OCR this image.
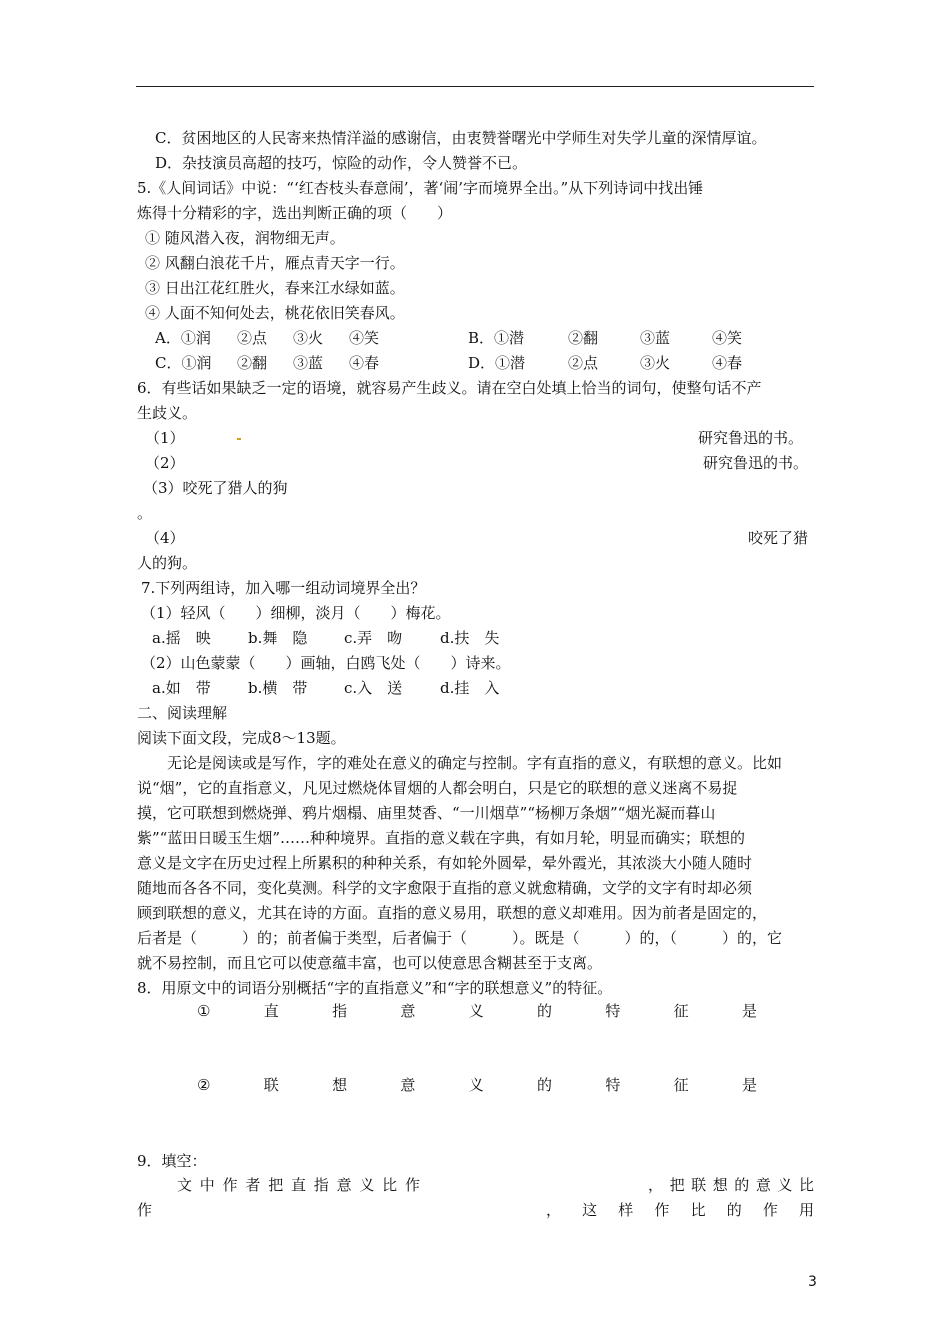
C．贫困地区的人民寄来热情洋溢的感谢信，由衷赞誉曙光中学师生对失学儿童的深情厚谊。
D．杂技演员高超的技巧，惊险的动作，令人赞誉不已。
5.《人间词话》中说：“‘红杏枝头春意闹’，著‘闹’字而境界全出。”从下列诗词中找出锤
炼得十分精彩的字，选出判断正确的项（　　）
① 随风潜入夜，润物细无声。
② 风翻白浪花千片，雁点青天字一行。
③ 日出江花红胜火，春来江水绿如蓝。
④ 人面不知何处去，桃花依旧笑春风。
A．①润 ②点 ③火 ④笑	B．①潜	②翻	③蓝	④笑
C．①润 ②翻 ③蓝 ④春	D．①潜	②点	③火	④春
6．有些话如果缺乏一定的语境，就容易产生歧义。请在空白处填上恰当的词句，使整句话不产
生歧义。
（1）	研究鲁迅的书。
（2）	研究鲁迅的书。
（3）咬死了猎人的狗
。
（4）	咬死了猎
人的狗。
7.下列两组诗，加入哪一组动词境界全出？
（1）轻风（　　）细柳，淡月（　　）梅花。
a.摇　映 b.舞　隐 c.弄　吻	d.扶　失
（2）山色蒙蒙（　　）画轴，白鸥飞处（　　）诗来。
a.如　带 b.横　带 c.入　送	d.挂　入
二、阅读理解
阅读下面文段，完成8～13题。
无论是阅读或是写作，字的难处在意义的确定与控制。字有直指的意义，有联想的意义。比如
说“烟”，它的直指意义，凡见过燃烧体冒烟的人都会明白，只是它的联想的意义迷离不易捉
摸，它可联想到燃烧弹、鸦片烟榻、庙里焚香、“一川烟草”“杨柳万条烟”“烟光凝而暮山
紫”“蓝田日暖玉生烟”……种种境界。直指的意义载在字典，有如月轮，明显而确实；联想的
意义是文字在历史过程上所累积的种种关系，有如轮外圆晕，晕外霞光，其浓淡大小随人随时
随地而各各不同，变化莫测。科学的文字愈限于直指的意义就愈精确，文学的文字有时却必须
顾到联想的意义，尤其在诗的方面。直指的意义易用，联想的意义却难用。因为前者是固定的，
后者是（　　　）的；前者偏于类型，后者偏于（　　　）。既是（　　　）的，（　　　）的，它
就不易控制，而且它可以使意蕴丰富，也可以使意思含糊甚至于支离。
8．用原文中的词语分别概括“字的直指意义”和“字的联想意义”的特征。
①	直	指	意	义	的	特	征	是
②	联	想	意	义	的	特	征	是
9．填空：
文 中 作 者 把 直 指 意 义 比 作	， 把 联 想 的 意 义 比
作	， 这 样 作 比 的 作 用
3
